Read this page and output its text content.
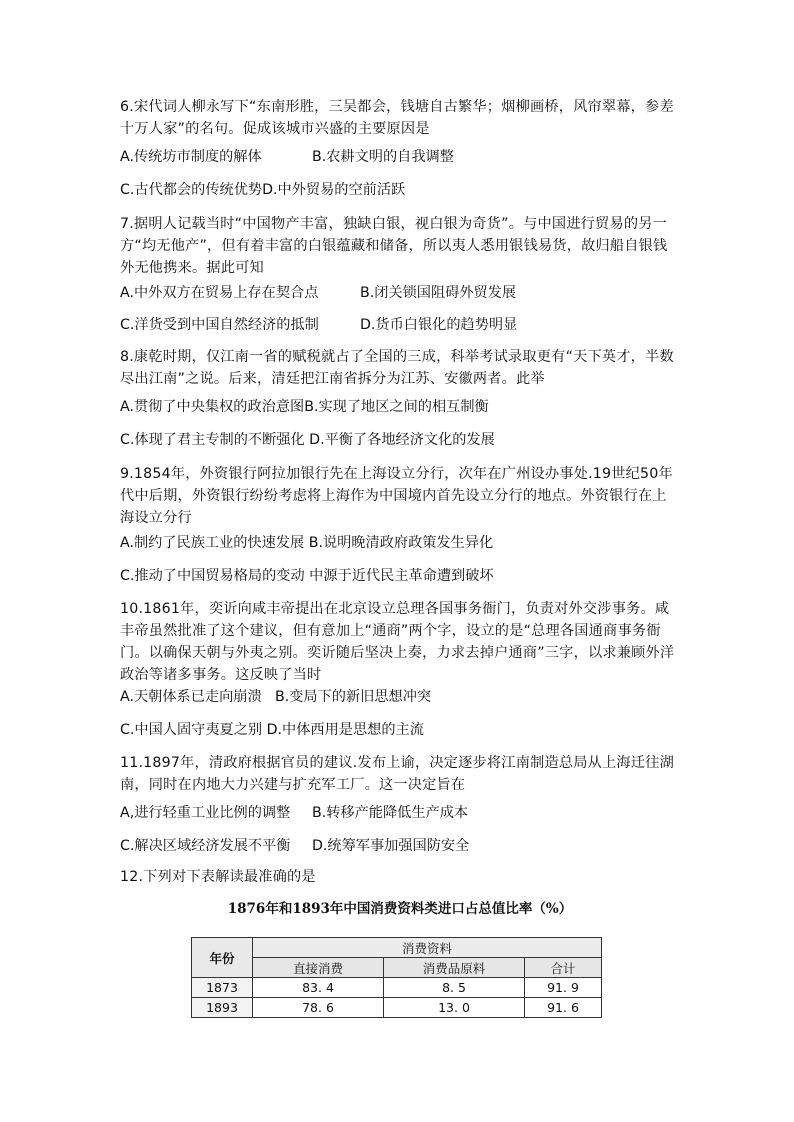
6.宋代词人柳永写下“东南形胜，三吴都会，钱塘自古繁华；烟柳画桥，风帘翠幕，参差十万人家”的名句。促成该城市兴盛的主要原因是
A.传统坊市制度的解体	B.农耕文明的自我调整
C.古代都会的传统优势D.中外贸易的空前活跃
7.据明人记载当时“中国物产丰富，独缺白银，视白银为奇货”。与中国进行贸易的另一方“均无他产”，但有着丰富的白银蕴藏和储备，所以夷人悉用银钱易货，故归船自银钱外无他携来。据此可知
A.中外双方在贸易上存在契合点	B.闭关锁国阻碍外贸发展
C.洋货受到中国自然经济的抵制	D.货币白银化的趋势明显
8.康乾时期，仅江南一省的赋税就占了全国的三成，科举考试录取更有“天下英才，半数尽出江南”之说。后来，清廷把江南省拆分为江苏、安徽两者。此举
A.贯彻了中央集权的政治意图B.实现了地区之间的相互制衡
C.体现了君主专制的不断强化 D.平衡了各地经济文化的发展
9.1854年，外资银行阿拉加银行先在上海设立分行，次年在广州设办事处.19世纪50年代中后期，外资银行纷纷考虑将上海作为中国境内首先设立分行的地点。外资银行在上海设立分行
A.制约了民族工业的快速发展 B.说明晚清政府政策发生异化
C.推动了中国贸易格局的变动 中源于近代民主革命遭到破坏
10.1861年，奕䜣向咸丰帝提出在北京设立总理各国事务衙门，负责对外交涉事务。咸丰帝虽然批准了这个建议，但有意加上“通商”两个字，设立的是“总理各国通商事务衙门。以确保天朝与外夷之别。奕䜣随后坚决上奏，力求去掉户通商”三字，以求兼顾外洋政治等诸多事务。这反映了当时
A.天朝体系已走向崩溃 B.变局下的新旧思想冲突
C.中国人固守夷夏之别 D.中体西用是思想的主流
11.1897年，清政府根据官员的建议.发布上谕，决定逐步将江南制造总局从上海迁往湖南，同时在内地大力兴建与扩充军工厂。这一决定旨在
A,进行轻重工业比例的调整 B.转移产能降低生产成本
C.解决区域经济发展不平衡 D.统筹军事加强国防安全
12.下列对下表解读最准确的是
1876年和1893年中国消费资料类进口占总值比率（%）
年份	消费资料		
	直接消费	消费品原料	合计
1873	83. 4	8. 5	91. 9
1893	78. 6	13. 0	91. 6
